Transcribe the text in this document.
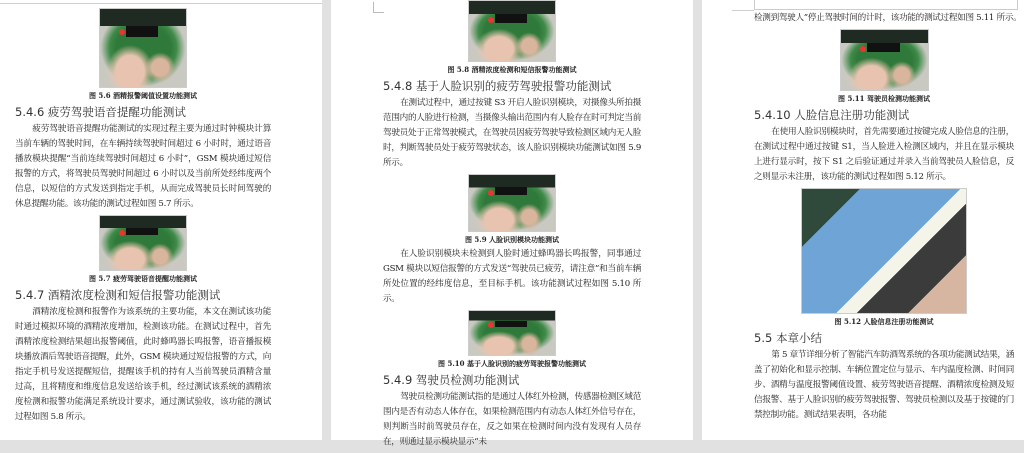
图 5.6 酒精报警阈值设置功能测试
5.4.6 疲劳驾驶语音提醒功能测试
疲劳驾驶语音提醒功能测试的实现过程主要为通过时钟模块计算当前车辆的驾驶时间，在车辆持续驾驶时间超过 6 小时时，通过语音播放模块提醒“当前连续驾驶时间超过 6 小时”，GSM 模块通过短信报警的方式，将驾驶员驾驶时间超过 6 小时以及当前所处经纬度两个信息，以短信的方式发送到指定手机，从而完成驾驶员长时间驾驶的休息提醒功能。该功能的测试过程如图 5.7 所示。
图 5.7 疲劳驾驶语音提醒功能测试
5.4.7 酒精浓度检测和短信报警功能测试
酒精浓度检测和报警作为该系统的主要功能，本文在测试该功能时通过模拟环境的酒精浓度增加，检测该功能。在测试过程中，首先酒精浓度检测结果超出报警阈值，此时蜂鸣器长鸣报警，语音播报模块播放酒后驾驶语音提醒，此外，GSM 模块通过短信报警的方式，向指定手机号发送提醒短信，提醒该手机的持有人当前驾驶员酒精含量过高，且将精度和维度信息发送给该手机，经过测试该系统的酒精浓度检测和报警功能满足系统设计要求，通过测试验收，该功能的测试过程如图 5.8 所示。
图 5.8 酒精浓度检测和短信报警功能测试
5.4.8 基于人脸识别的疲劳驾驶报警功能测试
在测试过程中，通过按键 S3 开启人脸识别模块，对摄像头所拍摄范围内的人脸进行检测，当摄像头输出范围内有人脸存在时可判定当前驾驶员处于正常驾驶模式，在驾驶员因疲劳驾驶导致检测区域内无人脸时，判断驾驶员处于疲劳驾驶状态，该人脸识别模块功能测试如图 5.9 所示。
图 5.9 人脸识别模块功能测试
在人脸识别模块未检测到人脸时通过蜂鸣器长鸣报警，同事通过 GSM 模块以短信报警的方式发送“驾驶员已疲劳，请注意”和当前车辆所处位置的经纬度信息，至目标手机。该功能测试过程如图 5.10 所示。
图 5.10 基于人脸识别的疲劳驾驶报警功能测试
5.4.9 驾驶员检测功能测试
驾驶员检测功能测试指的是通过人体红外检测，传感器检测区域范围内是否有动态人体存在，如果检测范围内有动态人体红外信号存在，则判断当时前驾驶员存在，反之如果在检测时间内没有发现有人员存在，则通过显示模块显示“未
检测到驾驶人”停止驾驶时间的计时，该功能的测试过程如图 5.11 所示。
图 5.11 驾驶员检测功能测试
5.4.10 人脸信息注册功能测试
在使用人脸识别模块时，首先需要通过按键完成人脸信息的注册，在测试过程中通过按键 S1，当人脸进入检测区域内，并且在显示模块上进行显示时，按下 S1 之后验证通过并录入当前驾驶员人脸信息，反之则显示未注册，该功能的测试过程如图 5.12 所示。
图 5.12 人脸信息注册功能测试
5.5 本章小结
第 5 章节详细分析了智能汽车防酒驾系统的各项功能测试结果，涵盖了初始化和显示控制、车辆位置定位与显示、车内温度检测、时间同步、酒精与温度报警阈值设置、疲劳驾驶语音提醒、酒精浓度检测及短信报警、基于人脸识别的疲劳驾驶报警、驾驶员检测以及基于按键的门禁控制功能。测试结果表明，各功能
